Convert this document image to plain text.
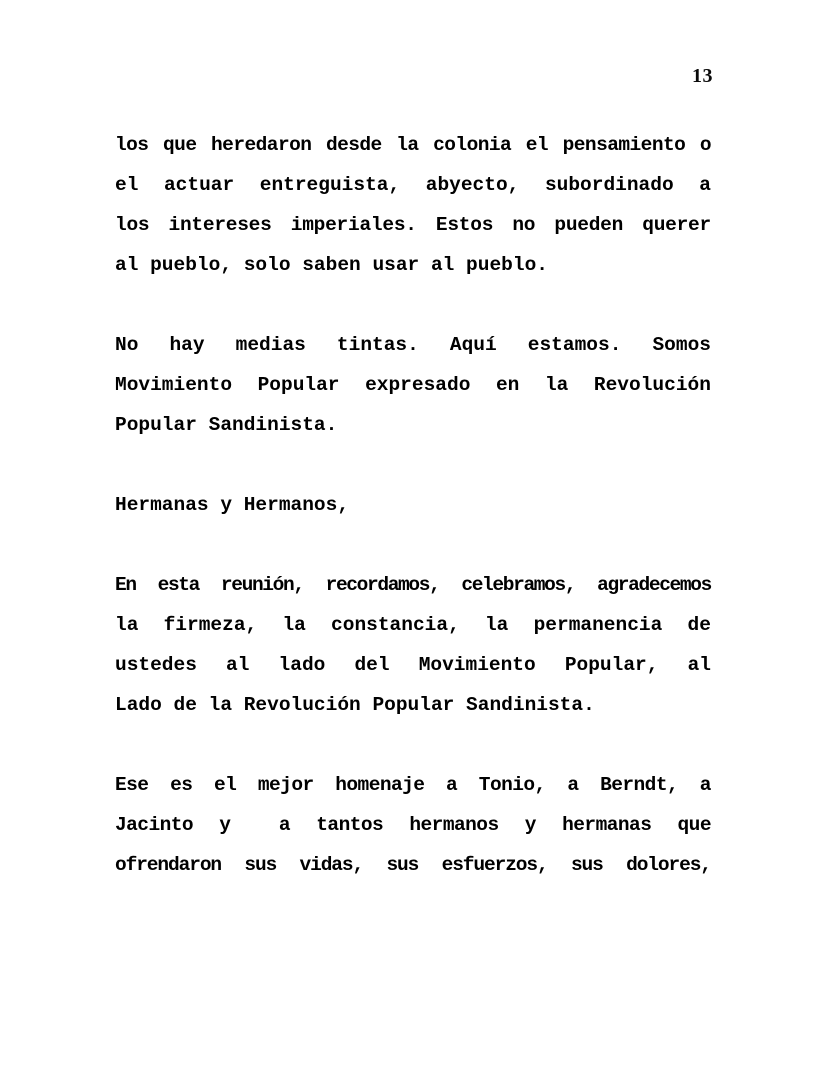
13

los que heredaron desde la colonia el pensamiento o
el actuar entreguista, abyecto, subordinado a
los intereses imperiales. Estos no pueden querer
al pueblo, solo saben usar al pueblo.

No hay medias tintas. Aquí estamos. Somos
Movimiento Popular expresado en la Revolución
Popular Sandinista.

Hermanas y Hermanos,

En esta reunión, recordamos, celebramos, agradecemos
la firmeza, la constancia, la permanencia de
ustedes al lado del Movimiento Popular, al
Lado de la Revolución Popular Sandinista.

Ese es el mejor homenaje a Tonio, a Berndt, a
Jacinto y a tantos hermanos y hermanas que
ofrendaron sus vidas, sus esfuerzos, sus dolores,
